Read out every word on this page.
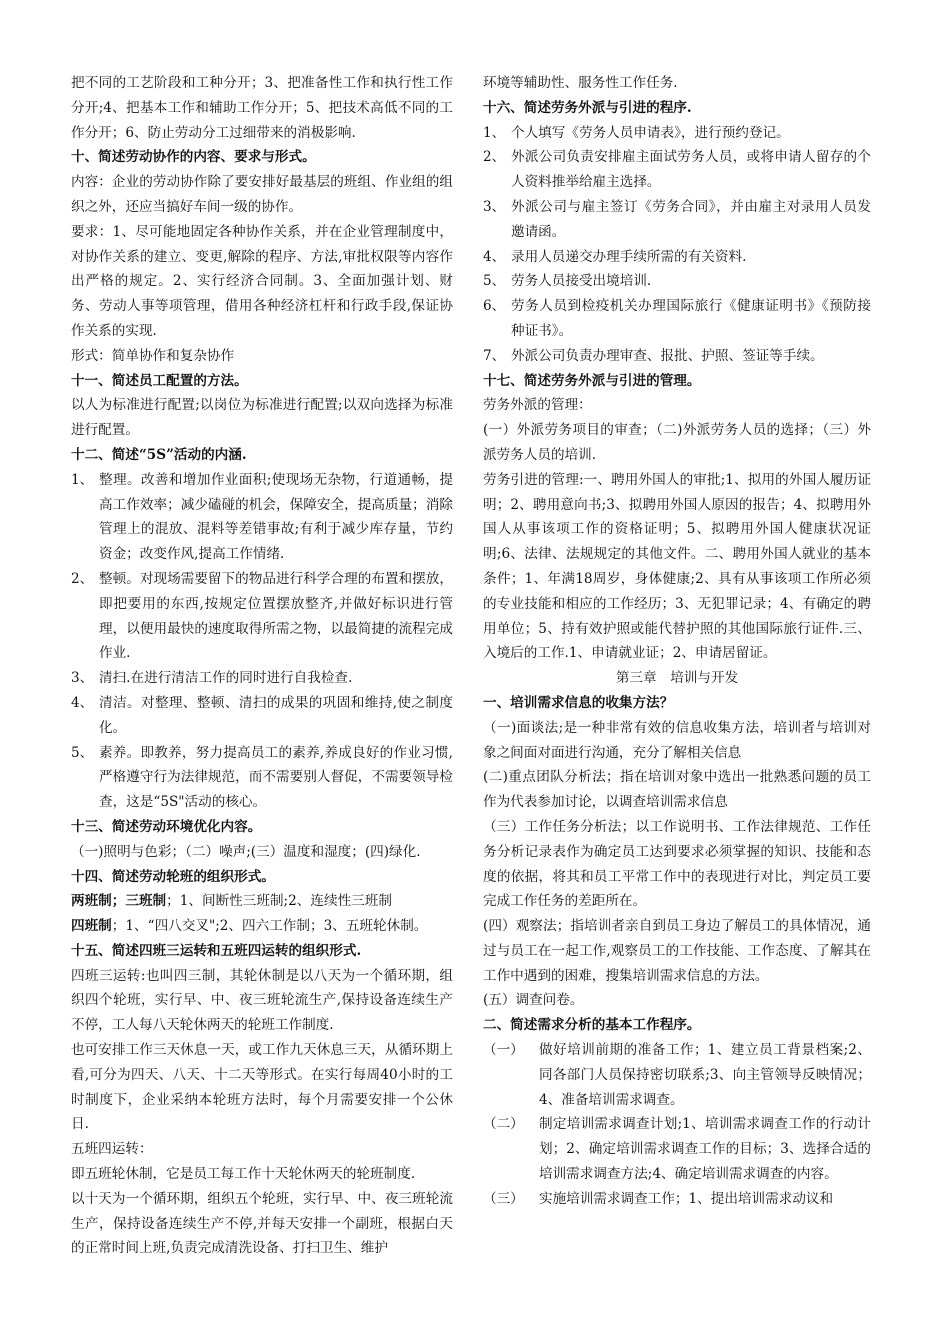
把不同的工艺阶段和工种分开；3、把准备性工作和执行性工作分开;4、把基本工作和辅助工作分开；5、把技术高低不同的工作分开；6、防止劳动分工过细带来的消极影响.

十、简述劳动协作的内容、要求与形式。

内容：企业的劳动协作除了要安排好最基层的班组、作业组的组织之外，还应当搞好车间一级的协作。

要求：1、尽可能地固定各种协作关系，并在企业管理制度中，对协作关系的建立、变更,解除的程序、方法,审批权限等内容作出严格的规定。2、实行经济合同制。3、全面加强计划、财务、劳动人事等项管理，借用各种经济杠杆和行政手段,保证协作关系的实现.

形式：简单协作和复杂协作

十一、简述员工配置的方法。

以人为标准进行配置;以岗位为标准进行配置;以双向选择为标准进行配置。

十二、简述“5S”活动的内涵.

1、 整理。改善和增加作业面积;使现场无杂物，行道通畅，提高工作效率；减少磕碰的机会，保障安全，提高质量；消除管理上的混放、混料等差错事故;有利于减少库存量，节约资金；改变作风,提高工作情绪.
2、 整顿。对现场需要留下的物品进行科学合理的布置和摆放，即把要用的东西,按规定位置摆放整齐,并做好标识进行管理，以便用最快的速度取得所需之物，以最简捷的流程完成作业.
3、 清扫.在进行清洁工作的同时进行自我检查.
4、 清洁。对整理、整顿、清扫的成果的巩固和维持,使之制度化。
5、 素养。即教养，努力提高员工的素养,养成良好的作业习惯,严格遵守行为法律规范，而不需要别人督促，不需要领导检查，这是“5S"活动的核心。

十三、简述劳动环境优化内容。

（一)照明与色彩；（二）噪声;(三）温度和湿度；(四)绿化.

十四、简述劳动轮班的组织形式。

两班制；三班制；1、间断性三班制;2、连续性三班制

四班制；1、“四八交叉";2、四六工作制；3、五班轮休制。

十五、简述四班三运转和五班四运转的组织形式.

四班三运转:也叫四三制，其轮休制是以八天为一个循环期，组织四个轮班，实行早、中、夜三班轮流生产,保持设备连续生产不停，工人每八天轮休两天的轮班工作制度.

也可安排工作三天休息一天，或工作九天休息三天，从循环期上看,可分为四天、八天、十二天等形式。在实行每周40小时的工时制度下，企业采纳本轮班方法时，每个月需要安排一个公休日.

五班四运转：

即五班轮休制，它是员工每工作十天轮休两天的轮班制度.

以十天为一个循环期，组织五个轮班，实行早、中、夜三班轮流生产，保持设备连续生产不停,并每天安排一个副班，根据白天的正常时间上班,负责完成清洗设备、打扫卫生、维护

环境等辅助性、服务性工作任务.

十六、简述劳务外派与引进的程序.

1、 个人填写《劳务人员申请表》，进行预约登记。
2、 外派公司负责安排雇主面试劳务人员，或将申请人留存的个人资料推举给雇主选择。
3、 外派公司与雇主签订《劳务合同》，并由雇主对录用人员发邀请函。
4、 录用人员递交办理手续所需的有关资料.
5、 劳务人员接受出境培训.
6、 劳务人员到检疫机关办理国际旅行《健康证明书》《预防接种证书》。
7、 外派公司负责办理审查、报批、护照、签证等手续。

十七、简述劳务外派与引进的管理。

劳务外派的管理：

(一）外派劳务项目的审查；（二)外派劳务人员的选择；（三）外派劳务人员的培训.

劳务引进的管理:一、聘用外国人的审批;1、拟用的外国人履历证明；2、聘用意向书;3、拟聘用外国人原因的报告；4、拟聘用外国人从事该项工作的资格证明；5、拟聘用外国人健康状况证明;6、法律、法规规定的其他文件。二、聘用外国人就业的基本条件；1、年满18周岁，身体健康;2、具有从事该项工作所必须的专业技能和相应的工作经历；3、无犯罪记录；4、有确定的聘用单位；5、持有效护照或能代替护照的其他国际旅行证件.三、入境后的工作.1、申请就业证；2、申请居留证。

第三章　培训与开发

一、培训需求信息的收集方法？

（一)面谈法;是一种非常有效的信息收集方法，培训者与培训对象之间面对面进行沟通，充分了解相关信息

(二)重点团队分析法；指在培训对象中选出一批熟悉问题的员工作为代表参加讨论，以调查培训需求信息

（三）工作任务分析法；以工作说明书、工作法律规范、工作任务分析记录表作为确定员工达到要求必须掌握的知识、技能和态度的依据，将其和员工平常工作中的表现进行对比，判定员工要完成工作任务的差距所在。

(四）观察法；指培训者亲自到员工身边了解员工的具体情况，通过与员工在一起工作,观察员工的工作技能、工作态度、了解其在工作中遇到的困难，搜集培训需求信息的方法。

(五）调查问卷。

二、简述需求分析的基本工作程序。

（一）	做好培训前期的准备工作；1、建立员工背景档案;2、同各部门人员保持密切联系;3、向主管领导反映情况；4、准备培训需求调查。
（二）	制定培训需求调查计划;1、培训需求调查工作的行动计划；2、确定培训需求调查工作的目标；3、选择合适的培训需求调查方法;4、确定培训需求调查的内容。
（三）	实施培训需求调查工作；1、提出培训需求动议和
